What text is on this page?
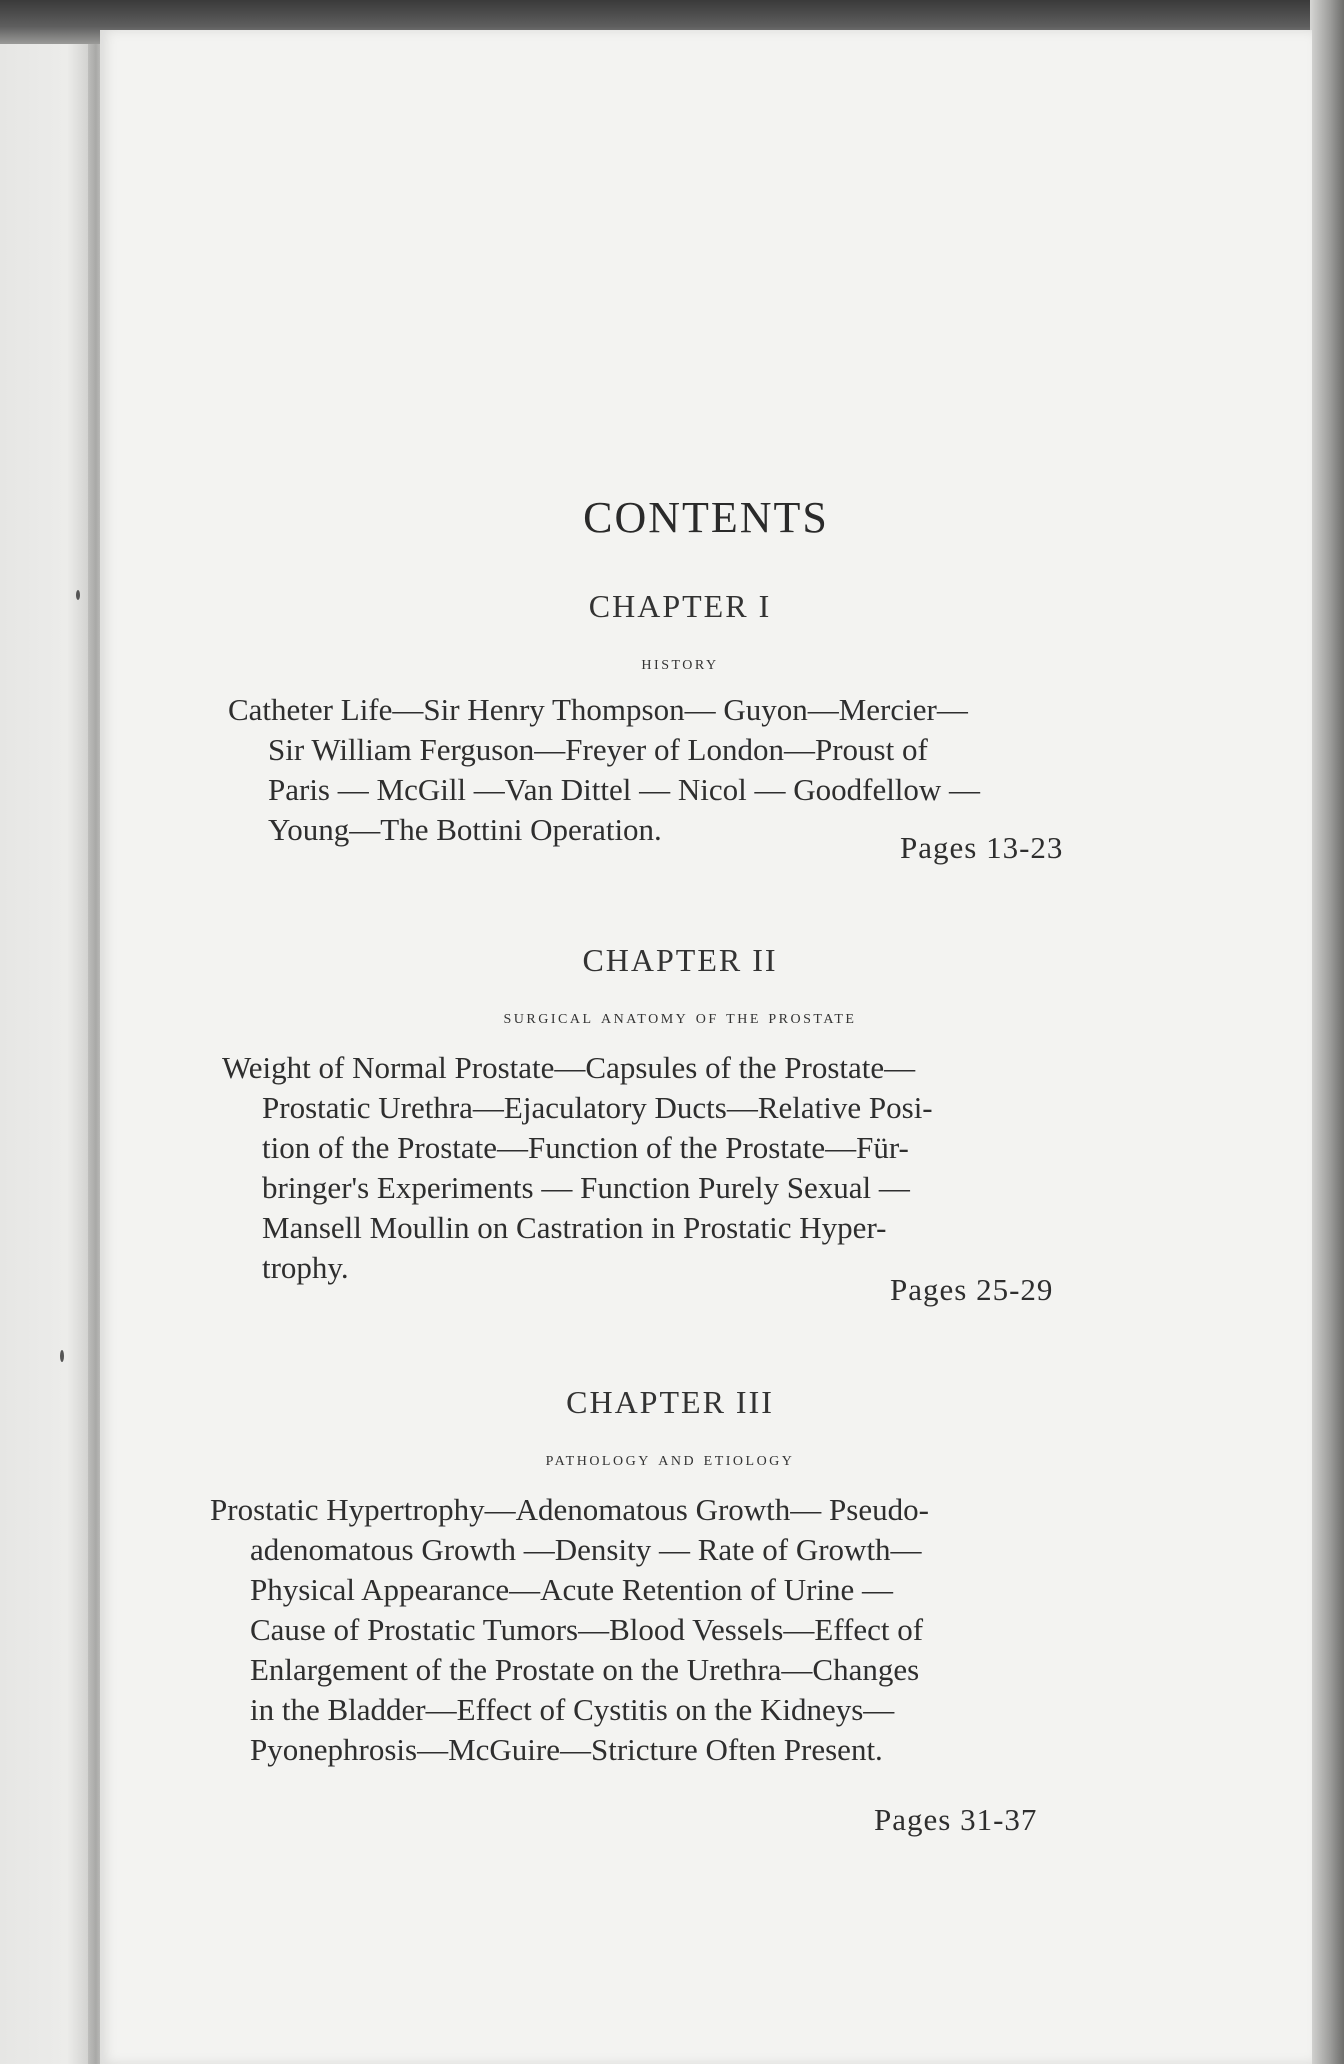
CONTENTS
CHAPTER I
history
Catheter Life—Sir Henry Thompson— Guyon—Mercier—
Sir William Ferguson—Freyer of London—Proust of
Paris — McGill —Van Dittel — Nicol — Goodfellow —
Young—The Bottini Operation.
Pages 13-23
CHAPTER II
surgical anatomy of the prostate
Weight of Normal Prostate—Capsules of the Prostate—
Prostatic Urethra—Ejaculatory Ducts—Relative Posi-
tion of the Prostate—Function of the Prostate—Für-
bringer's Experiments — Function Purely Sexual —
Mansell Moullin on Castration in Prostatic Hyper-
trophy.
Pages 25-29
CHAPTER III
pathology and etiology
Prostatic Hypertrophy—Adenomatous Growth— Pseudo-
adenomatous Growth —Density — Rate of Growth—
Physical Appearance—Acute Retention of Urine —
Cause of Prostatic Tumors—Blood Vessels—Effect of
Enlargement of the Prostate on the Urethra—Changes
in the Bladder—Effect of Cystitis on the Kidneys—
Pyonephrosis—McGuire—Stricture Often Present.
Pages 31-37
